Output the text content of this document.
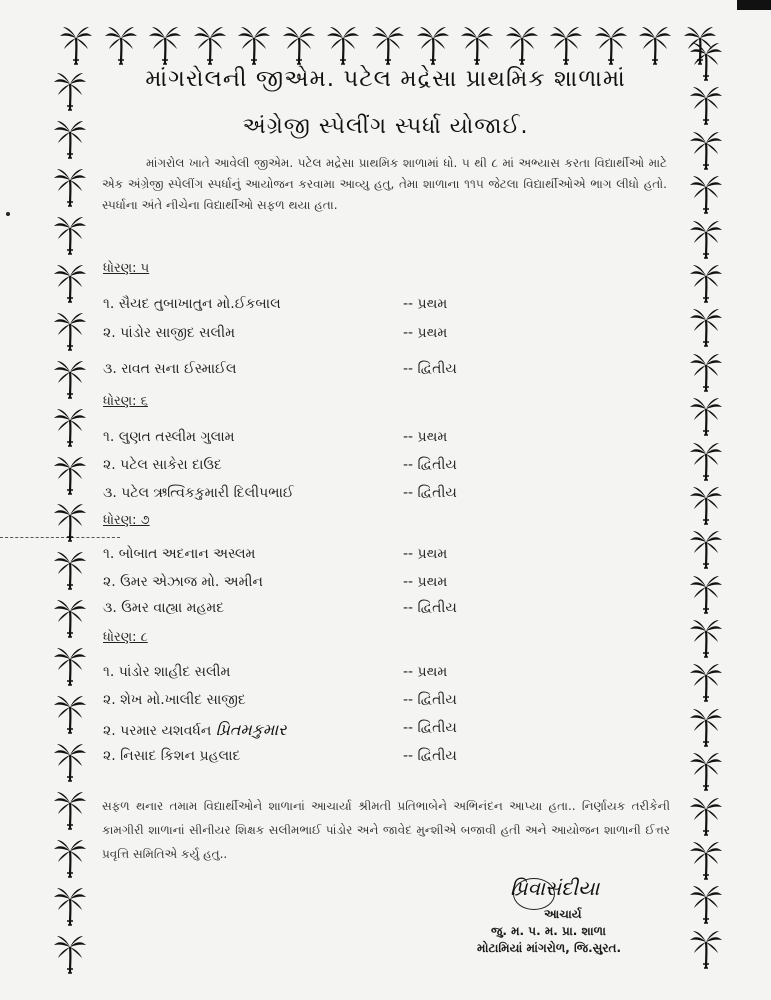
માંગરોલની જીએમ. પટેલ મદ્રેસા પ્રાથમિક શાળામાં
અંગ્રેજી સ્પેલીંગ સ્પર્ધા યોજાઈ.

માંગરોલ ખાતે આવેલી જીએમ. પટેલ મદ્રેસા પ્રાથમિક શાળામાં ધો. ૫ થી ૮ માં અભ્યાસ કરતા વિદ્યાર્થીઓ માટે એક અંગ્રેજી સ્પેલીંગ સ્પર્ધાનું આયોજન કરવામા આવ્યુ હતુ, તેમા શાળાના ૧૧૫ જેટલા વિદ્યાર્થીઓએ ભાગ લીધો હતો. સ્પર્ધાના અંતે નીચેના વિદ્યાર્થીઓ સફળ થયા હતા.

ધોરણ: ૫
૧. સૈયદ તુબાખાતુન મો.ઈકબાલ	-- પ્રથમ
૨. પાંડોર સાજીદ સલીમ	-- પ્રથમ
૩. રાવત સના ઈસ્માઈલ	-- દ્વિતીય
ધોરણ: ૬
૧. લુણત તસ્લીમ ગુલામ	-- પ્રથમ
૨. પટેલ સાકેરા દાઉદ	-- દ્વિતીય
૩. પટેલ ઋત્વિકકુમારી દિલીપભાઈ	-- દ્વિતીય
ધોરણ: ૭
૧. બોબાત અદનાન અસ્લમ	-- પ્રથમ
૨. ઉમર એઝાજ મો. અમીન	-- પ્રથમ
૩. ઉમર વાહ્યા મહમદ	-- દ્વિતીય
ધોરણ: ૮
૧. પાંડોર શાહીદ સલીમ	-- પ્રથમ
૨. શેખ મો.ખાલીદ સાજીદ	-- દ્વિતીય
૨. પરમાર યશવર્ધન પ્રિતમકુમાર	-- દ્વિતીય
૨. નિસાદ કિશન પ્રહલાદ	-- દ્વિતીય

સફળ થનાર તમામ વિદ્યાર્થીઓને શાળાનાં આચાર્યા શ્રીમતી પ્રતિભાબેને અભિનંદન આપ્યા હતા.. નિર્ણાયક તરીકેની કામગીરી શાળાનાં સીનીયર શિક્ષક સલીમભાઈ પાંડોર અને જાવેદ મુન્શીએ બજાવી હતી અને આયોજન શાળાની ઈત્તર પ્રવૃત્તિ સમિતિએ કર્યુ હતુ..

પ્રિવાસંદીયા
આચાર્ય
જુ. મ. પ. મ. પ્રા. શાળા
મોટામિયાં માંગરોળ, જિ.સુરત.
